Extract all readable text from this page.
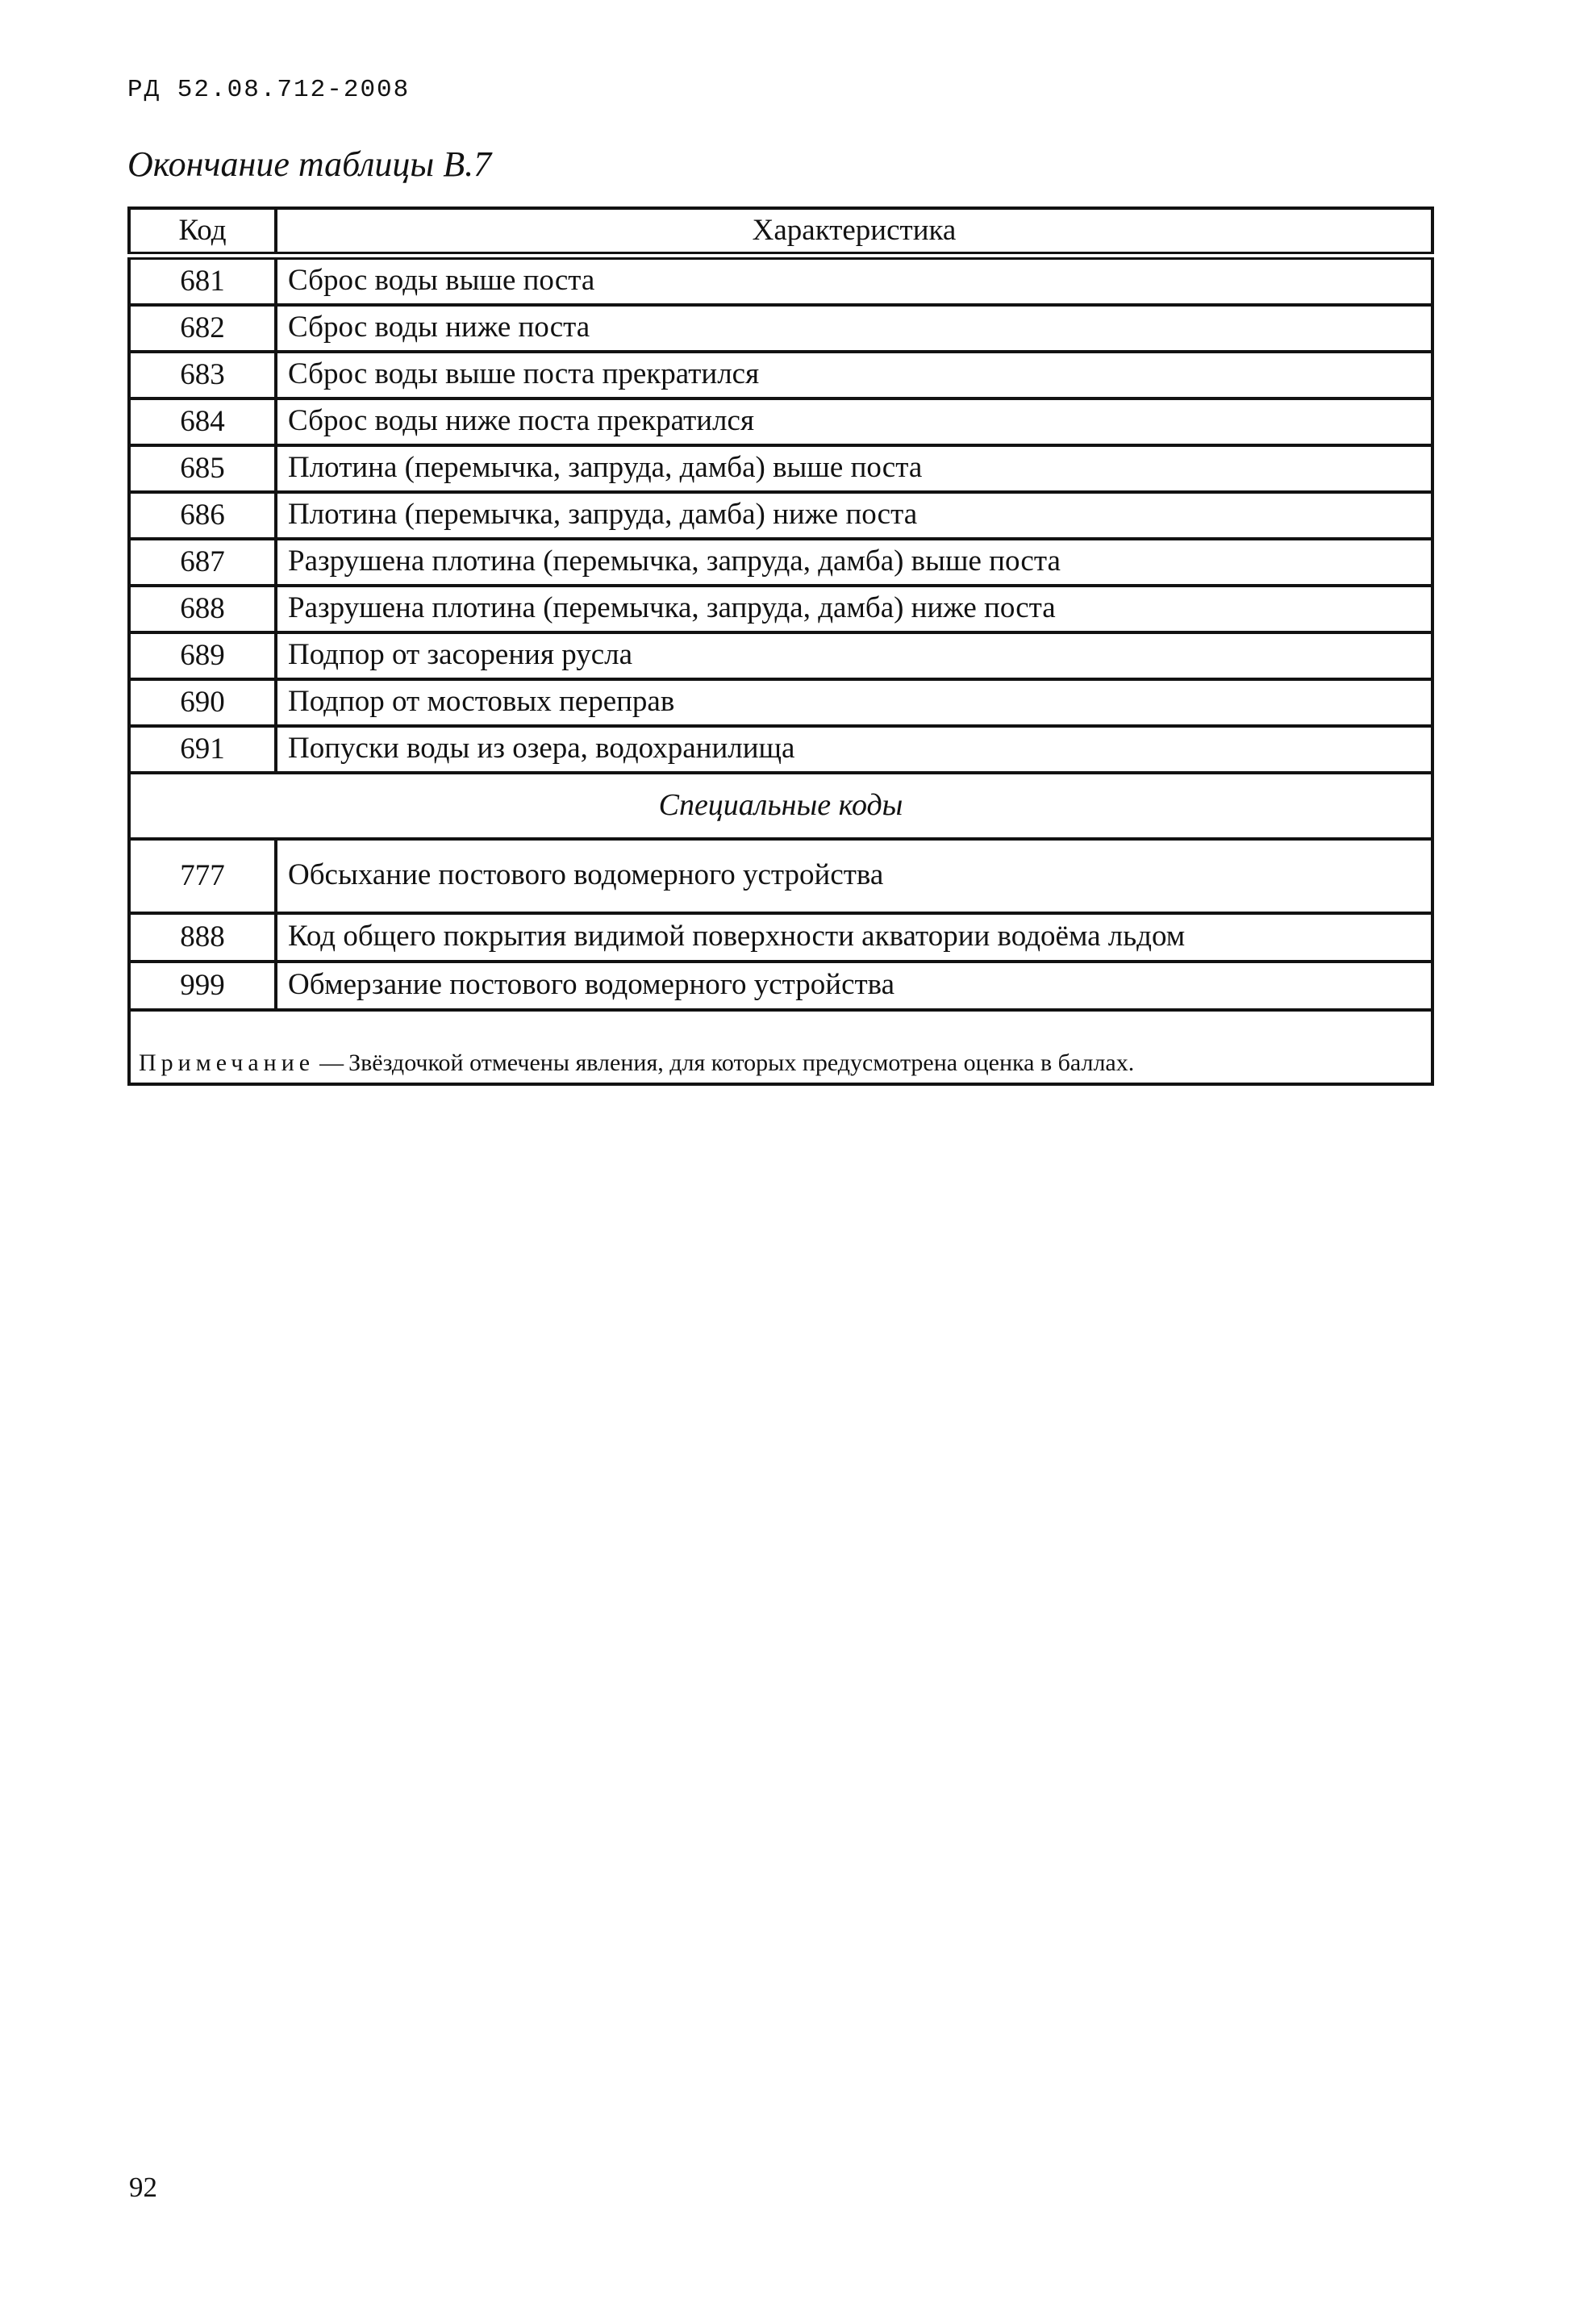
РД 52.08.712-2008
Окончание таблицы В.7
Код	Характеристика
681	Сброс воды выше поста
682	Сброс воды ниже поста
683	Сброс воды выше поста прекратился
684	Сброс воды ниже поста прекратился
685	Плотина (перемычка, запруда, дамба) выше поста
686	Плотина (перемычка, запруда, дамба) ниже поста
687	Разрушена плотина (перемычка, запруда, дамба) выше поста
688	Разрушена плотина (перемычка, запруда, дамба) ниже поста
689	Подпор от засорения русла
690	Подпор от мостовых переправ
691	Попуски воды из озера, водохранилища
Специальные коды	
777	Обсыхание постового водомерного устройства
888	Код общего покрытия видимой поверхности акватории водоёма льдом
999	Обмерзание постового водомерного устройства
Примечание — Звёздочкой отмечены явления, для которых предусмотрена оценка в баллах.	
92
